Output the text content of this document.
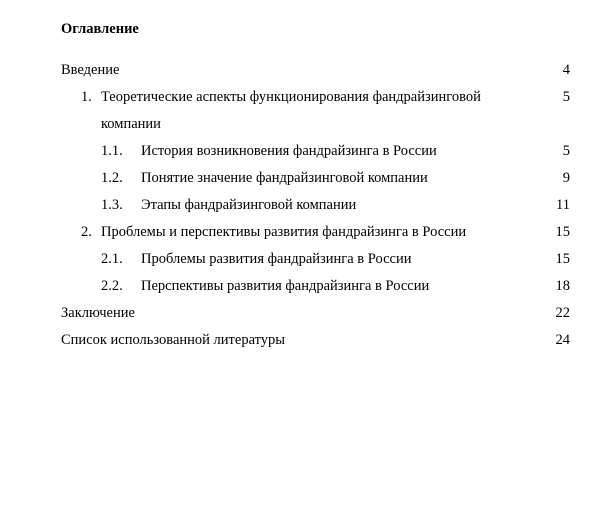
Оглавление
Введение	4
1. Теоретические аспекты функционирования фандрайзинговой	5
компании
1.1. История возникновения фандрайзинга в России	5
1.2. Понятие значение фандрайзинговой компании	9
1.3. Этапы фандрайзинговой компании	11
2. Проблемы и перспективы развития фандрайзинга в России	15
2.1. Проблемы развития фандрайзинга в России	15
2.2. Перспективы развития фандрайзинга в России	18
Заключение	22
Список использованной литературы	24
